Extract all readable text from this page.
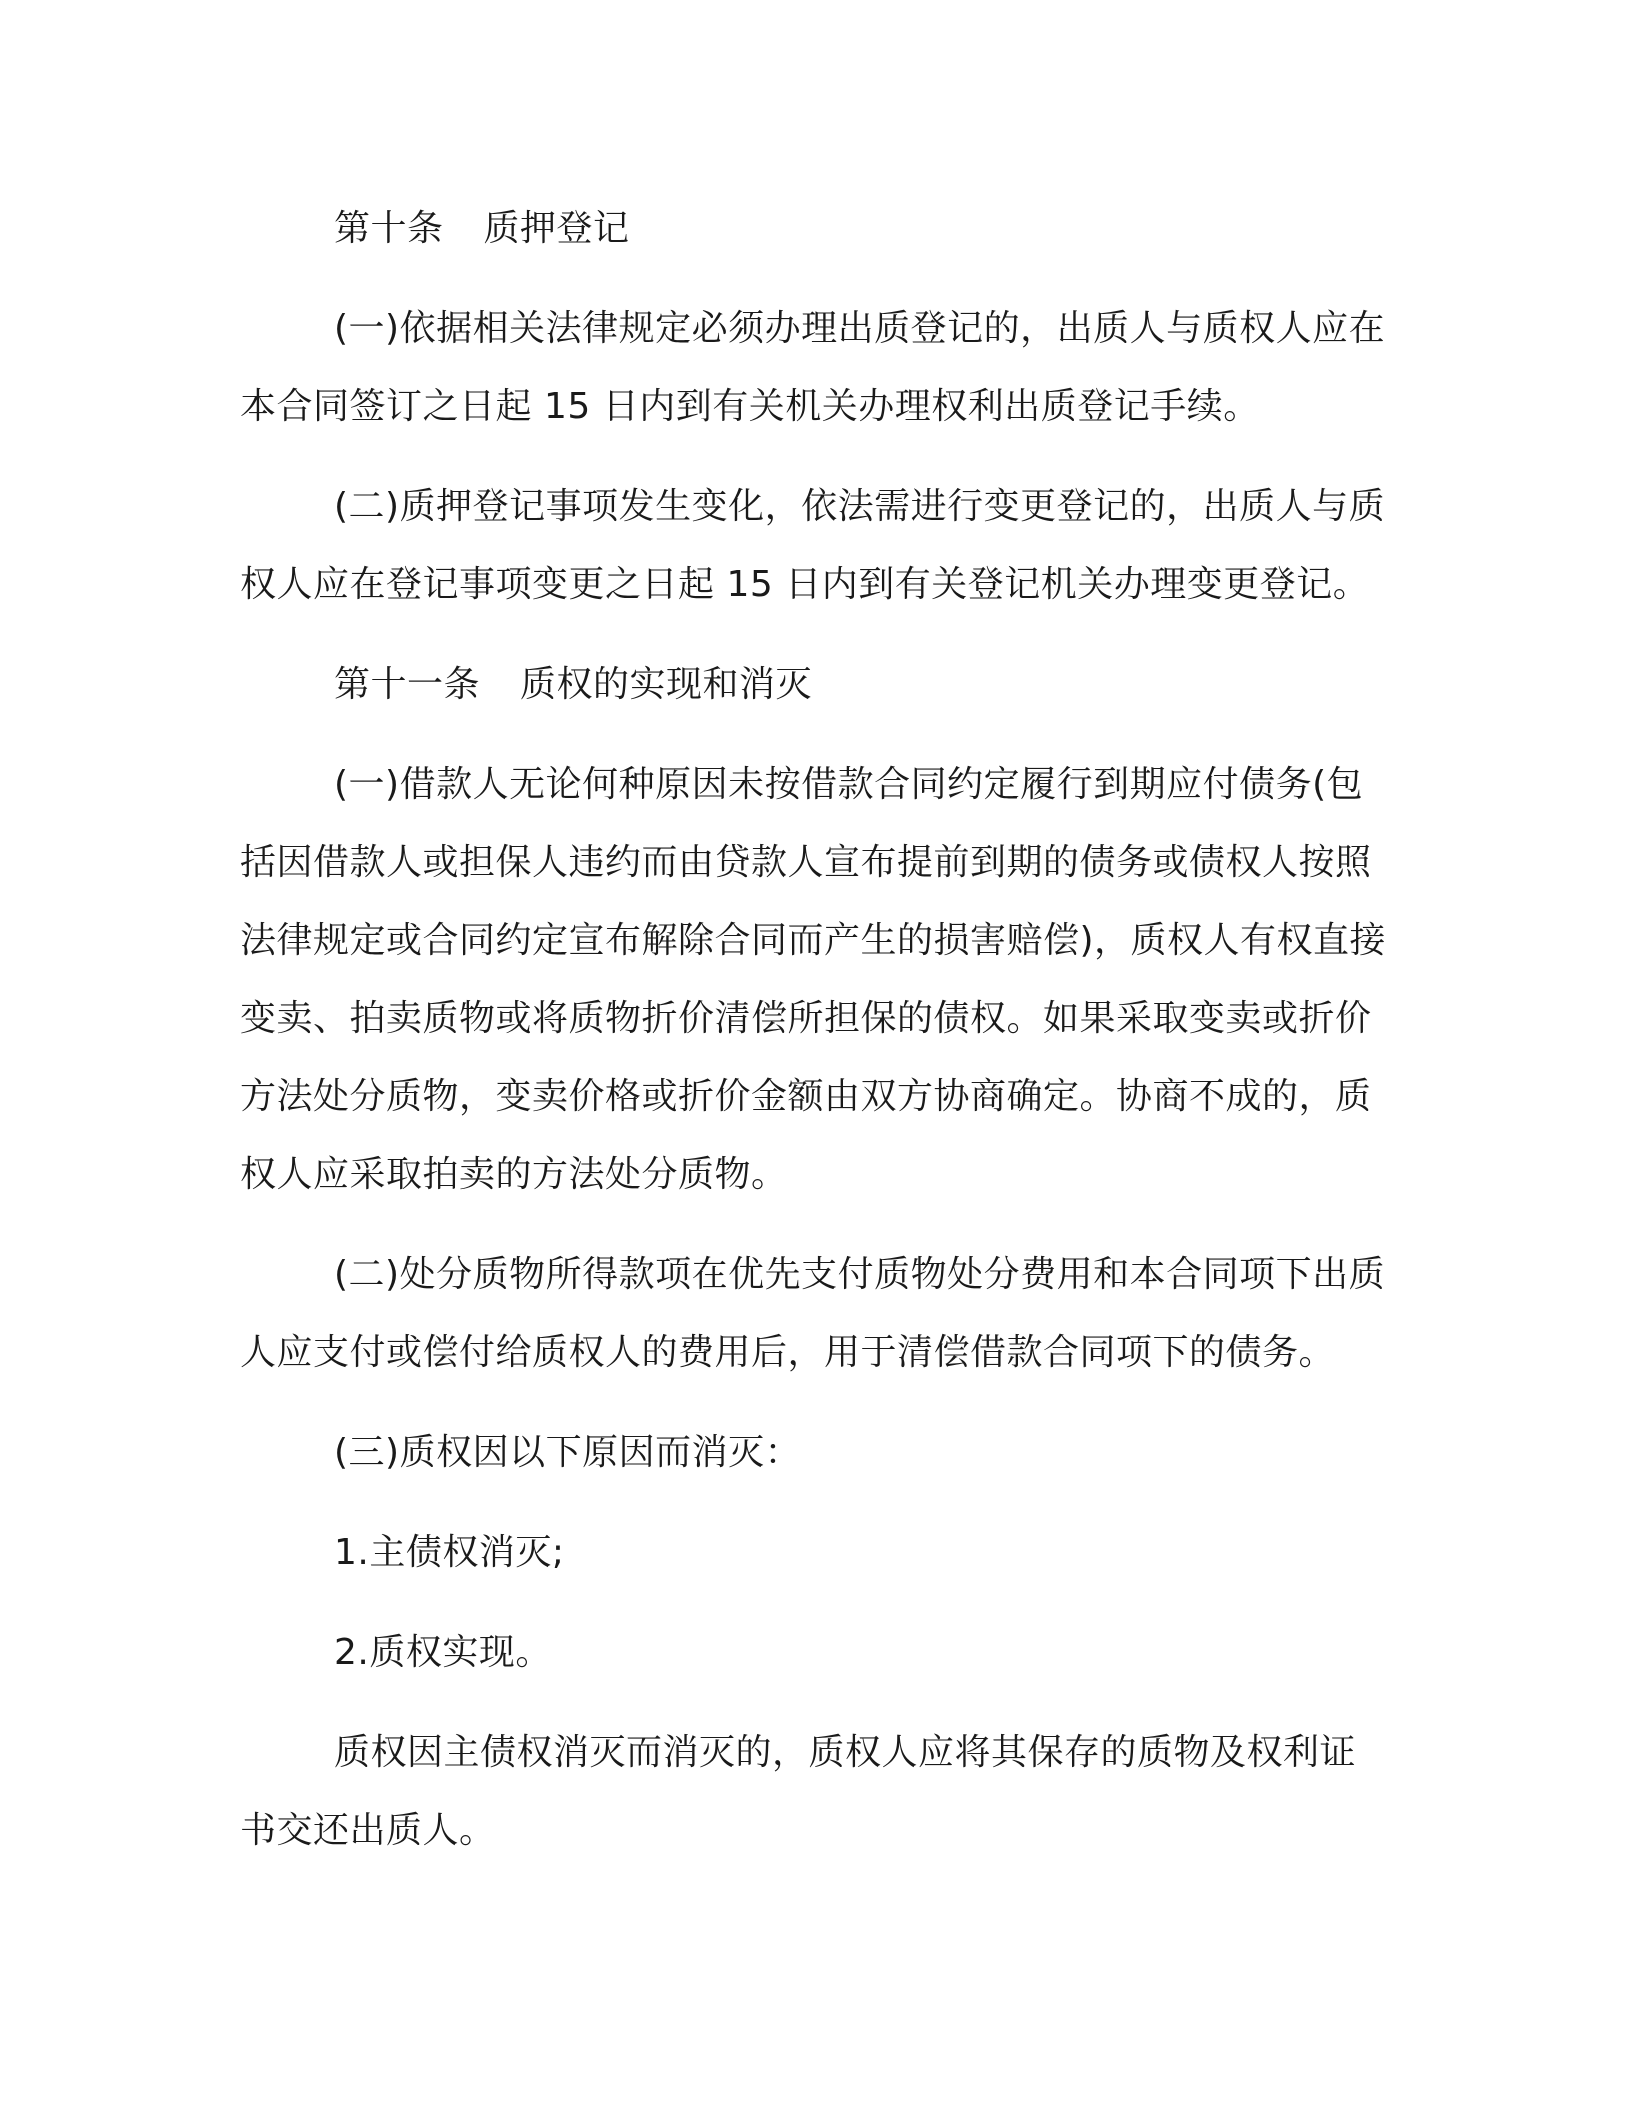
第十条 质押登记

(一)依据相关法律规定必须办理出质登记的，出质人与质权人应在本合同签订之日起 15 日内到有关机关办理权利出质登记手续。

(二)质押登记事项发生变化，依法需进行变更登记的，出质人与质权人应在登记事项变更之日起 15 日内到有关登记机关办理变更登记。

第十一条 质权的实现和消灭

(一)借款人无论何种原因未按借款合同约定履行到期应付债务(包括因借款人或担保人违约而由贷款人宣布提前到期的债务或债权人按照法律规定或合同约定宣布解除合同而产生的损害赔偿)，质权人有权直接变卖、拍卖质物或将质物折价清偿所担保的债权。如果采取变卖或折价方法处分质物，变卖价格或折价金额由双方协商确定。协商不成的，质权人应采取拍卖的方法处分质物。

(二)处分质物所得款项在优先支付质物处分费用和本合同项下出质人应支付或偿付给质权人的费用后，用于清偿借款合同项下的债务。

(三)质权因以下原因而消灭：

1.主债权消灭;

2.质权实现。

质权因主债权消灭而消灭的，质权人应将其保存的质物及权利证书交还出质人。
